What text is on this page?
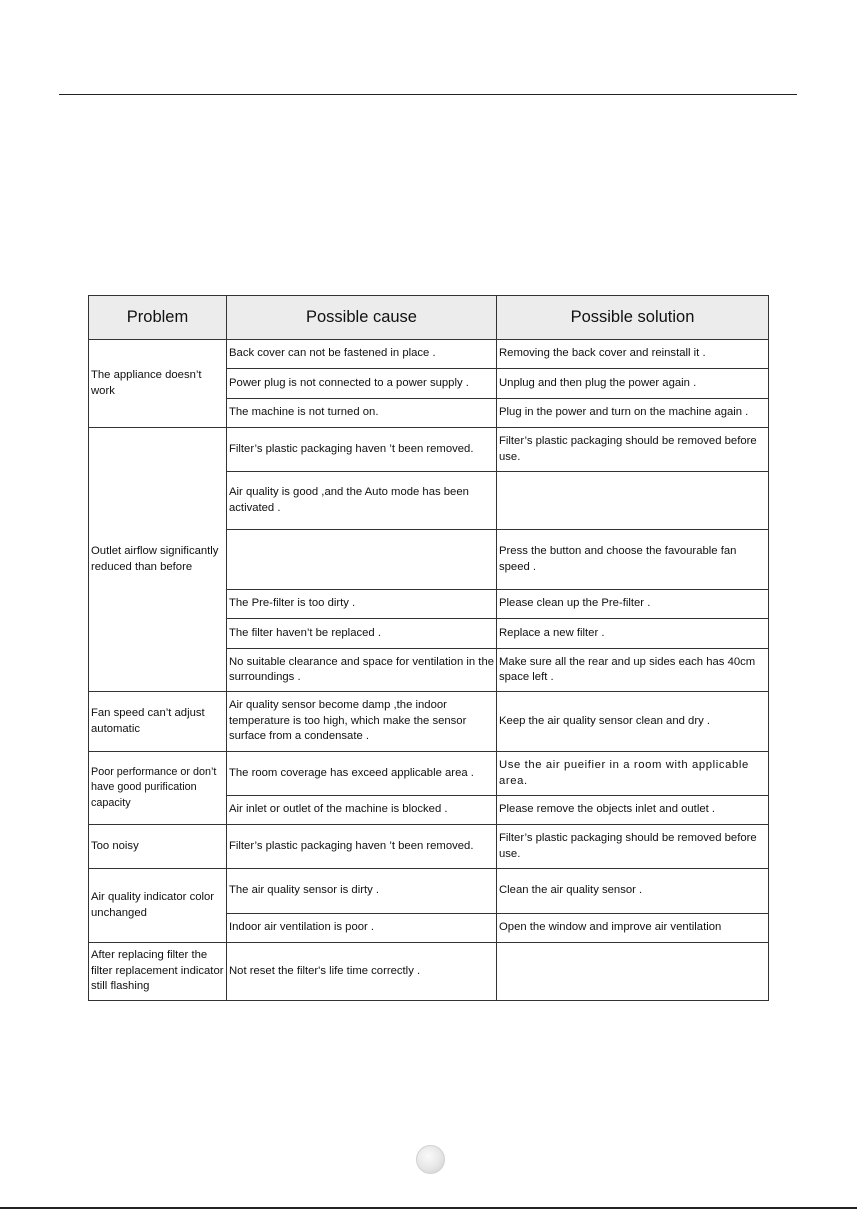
Problem	Possible cause	Possible solution
The appliance doesn’t work	Back cover can not be fastened in place .	Removing the back cover and reinstall it .
	Power plug is not connected to a power supply .	Unplug and then plug the power again .
	The machine is not turned on.	Plug in the power and turn on the machine again .
Outlet airflow significantly reduced than before	Filter’s plastic packaging haven ’t been removed.	Filter’s plastic packaging should be removed before use.
	Air quality is good ,and the Auto mode has been activated .	
		Press the button and choose the favourable fan speed .
	The Pre-filter is too dirty .	Please clean up the Pre-filter .
	The filter haven’t be replaced .	Replace a new filter .
	No suitable clearance and space for ventilation in the surroundings .	Make sure all the rear and up sides each has 40cm space left .
Fan speed can’t adjust automatic	Air quality sensor become damp ,the indoor temperature is too high, which make the sensor surface from a condensate .	Keep the air quality sensor clean and dry .
Poor performance or don’t have good purification capacity	The room coverage has exceed applicable area .	Use the air pueifier in a room with applicable area.
	Air inlet or outlet of the machine is blocked .	Please remove the objects inlet and outlet .
Too noisy	Filter’s plastic packaging haven ’t been removed.	Filter’s plastic packaging should be removed before use.
Air quality indicator color unchanged	The air quality sensor is dirty .	Clean the air quality sensor .
	Indoor air ventilation is poor .	Open the window and improve air ventilation
After replacing filter the filter replacement indicator still flashing	Not reset the filter's life time correctly .	
